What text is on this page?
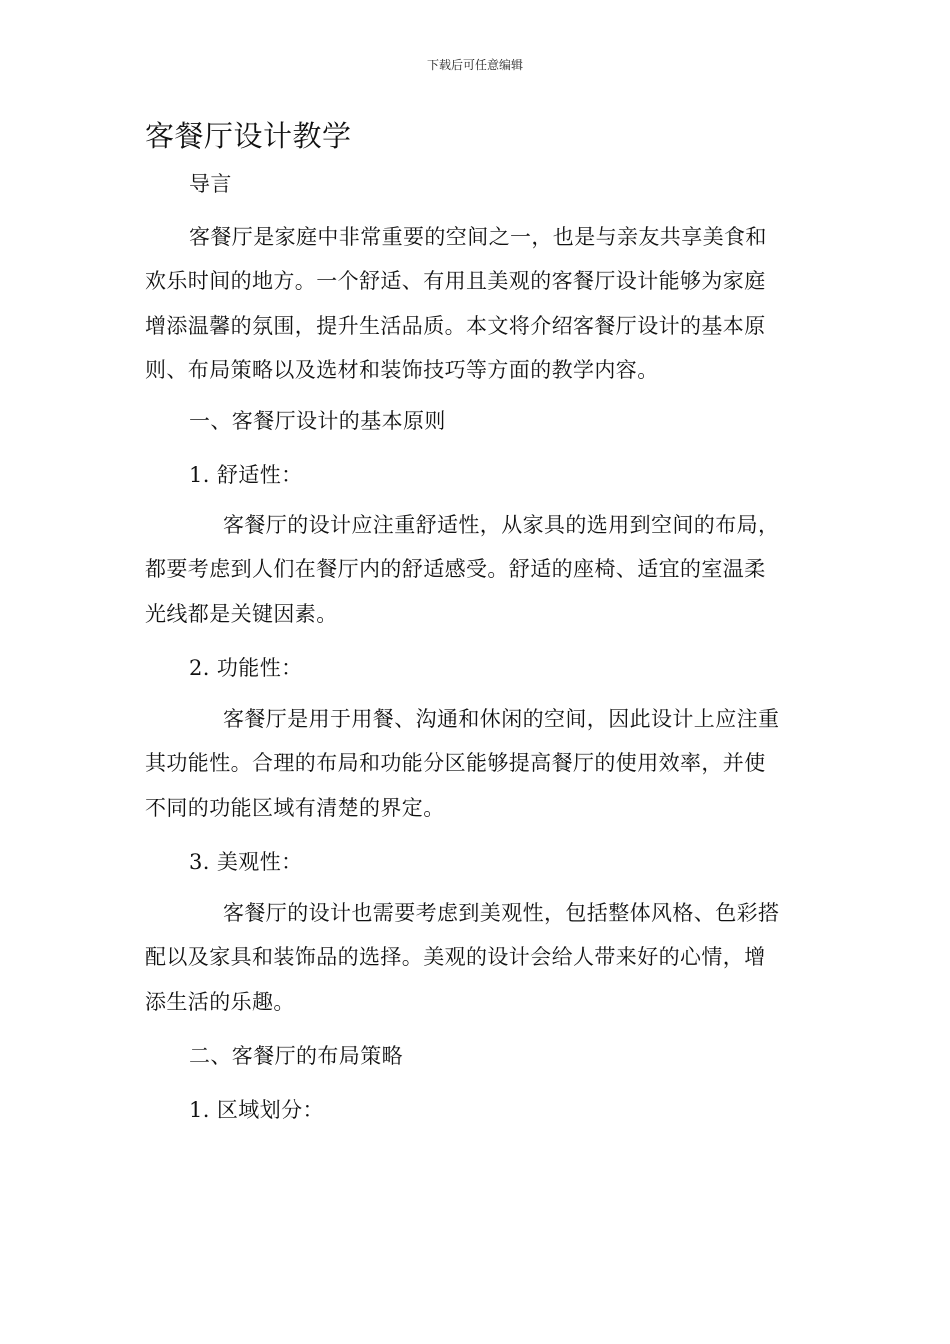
下载后可任意编辑
客餐厅设计教学
导言
客餐厅是家庭中非常重要的空间之一，也是与亲友共享美食和
欢乐时间的地方。一个舒适、有用且美观的客餐厅设计能够为家庭
增添温馨的氛围，提升生活品质。本文将介绍客餐厅设计的基本原
则、布局策略以及选材和装饰技巧等方面的教学内容。
一、客餐厅设计的基本原则
1. 舒适性：
客餐厅的设计应注重舒适性，从家具的选用到空间的布局，
都要考虑到人们在餐厅内的舒适感受。舒适的座椅、适宜的室温柔
光线都是关键因素。
2. 功能性：
客餐厅是用于用餐、沟通和休闲的空间，因此设计上应注重
其功能性。合理的布局和功能分区能够提高餐厅的使用效率，并使
不同的功能区域有清楚的界定。
3. 美观性：
客餐厅的设计也需要考虑到美观性，包括整体风格、色彩搭
配以及家具和装饰品的选择。美观的设计会给人带来好的心情，增
添生活的乐趣。
二、客餐厅的布局策略
1. 区域划分：
